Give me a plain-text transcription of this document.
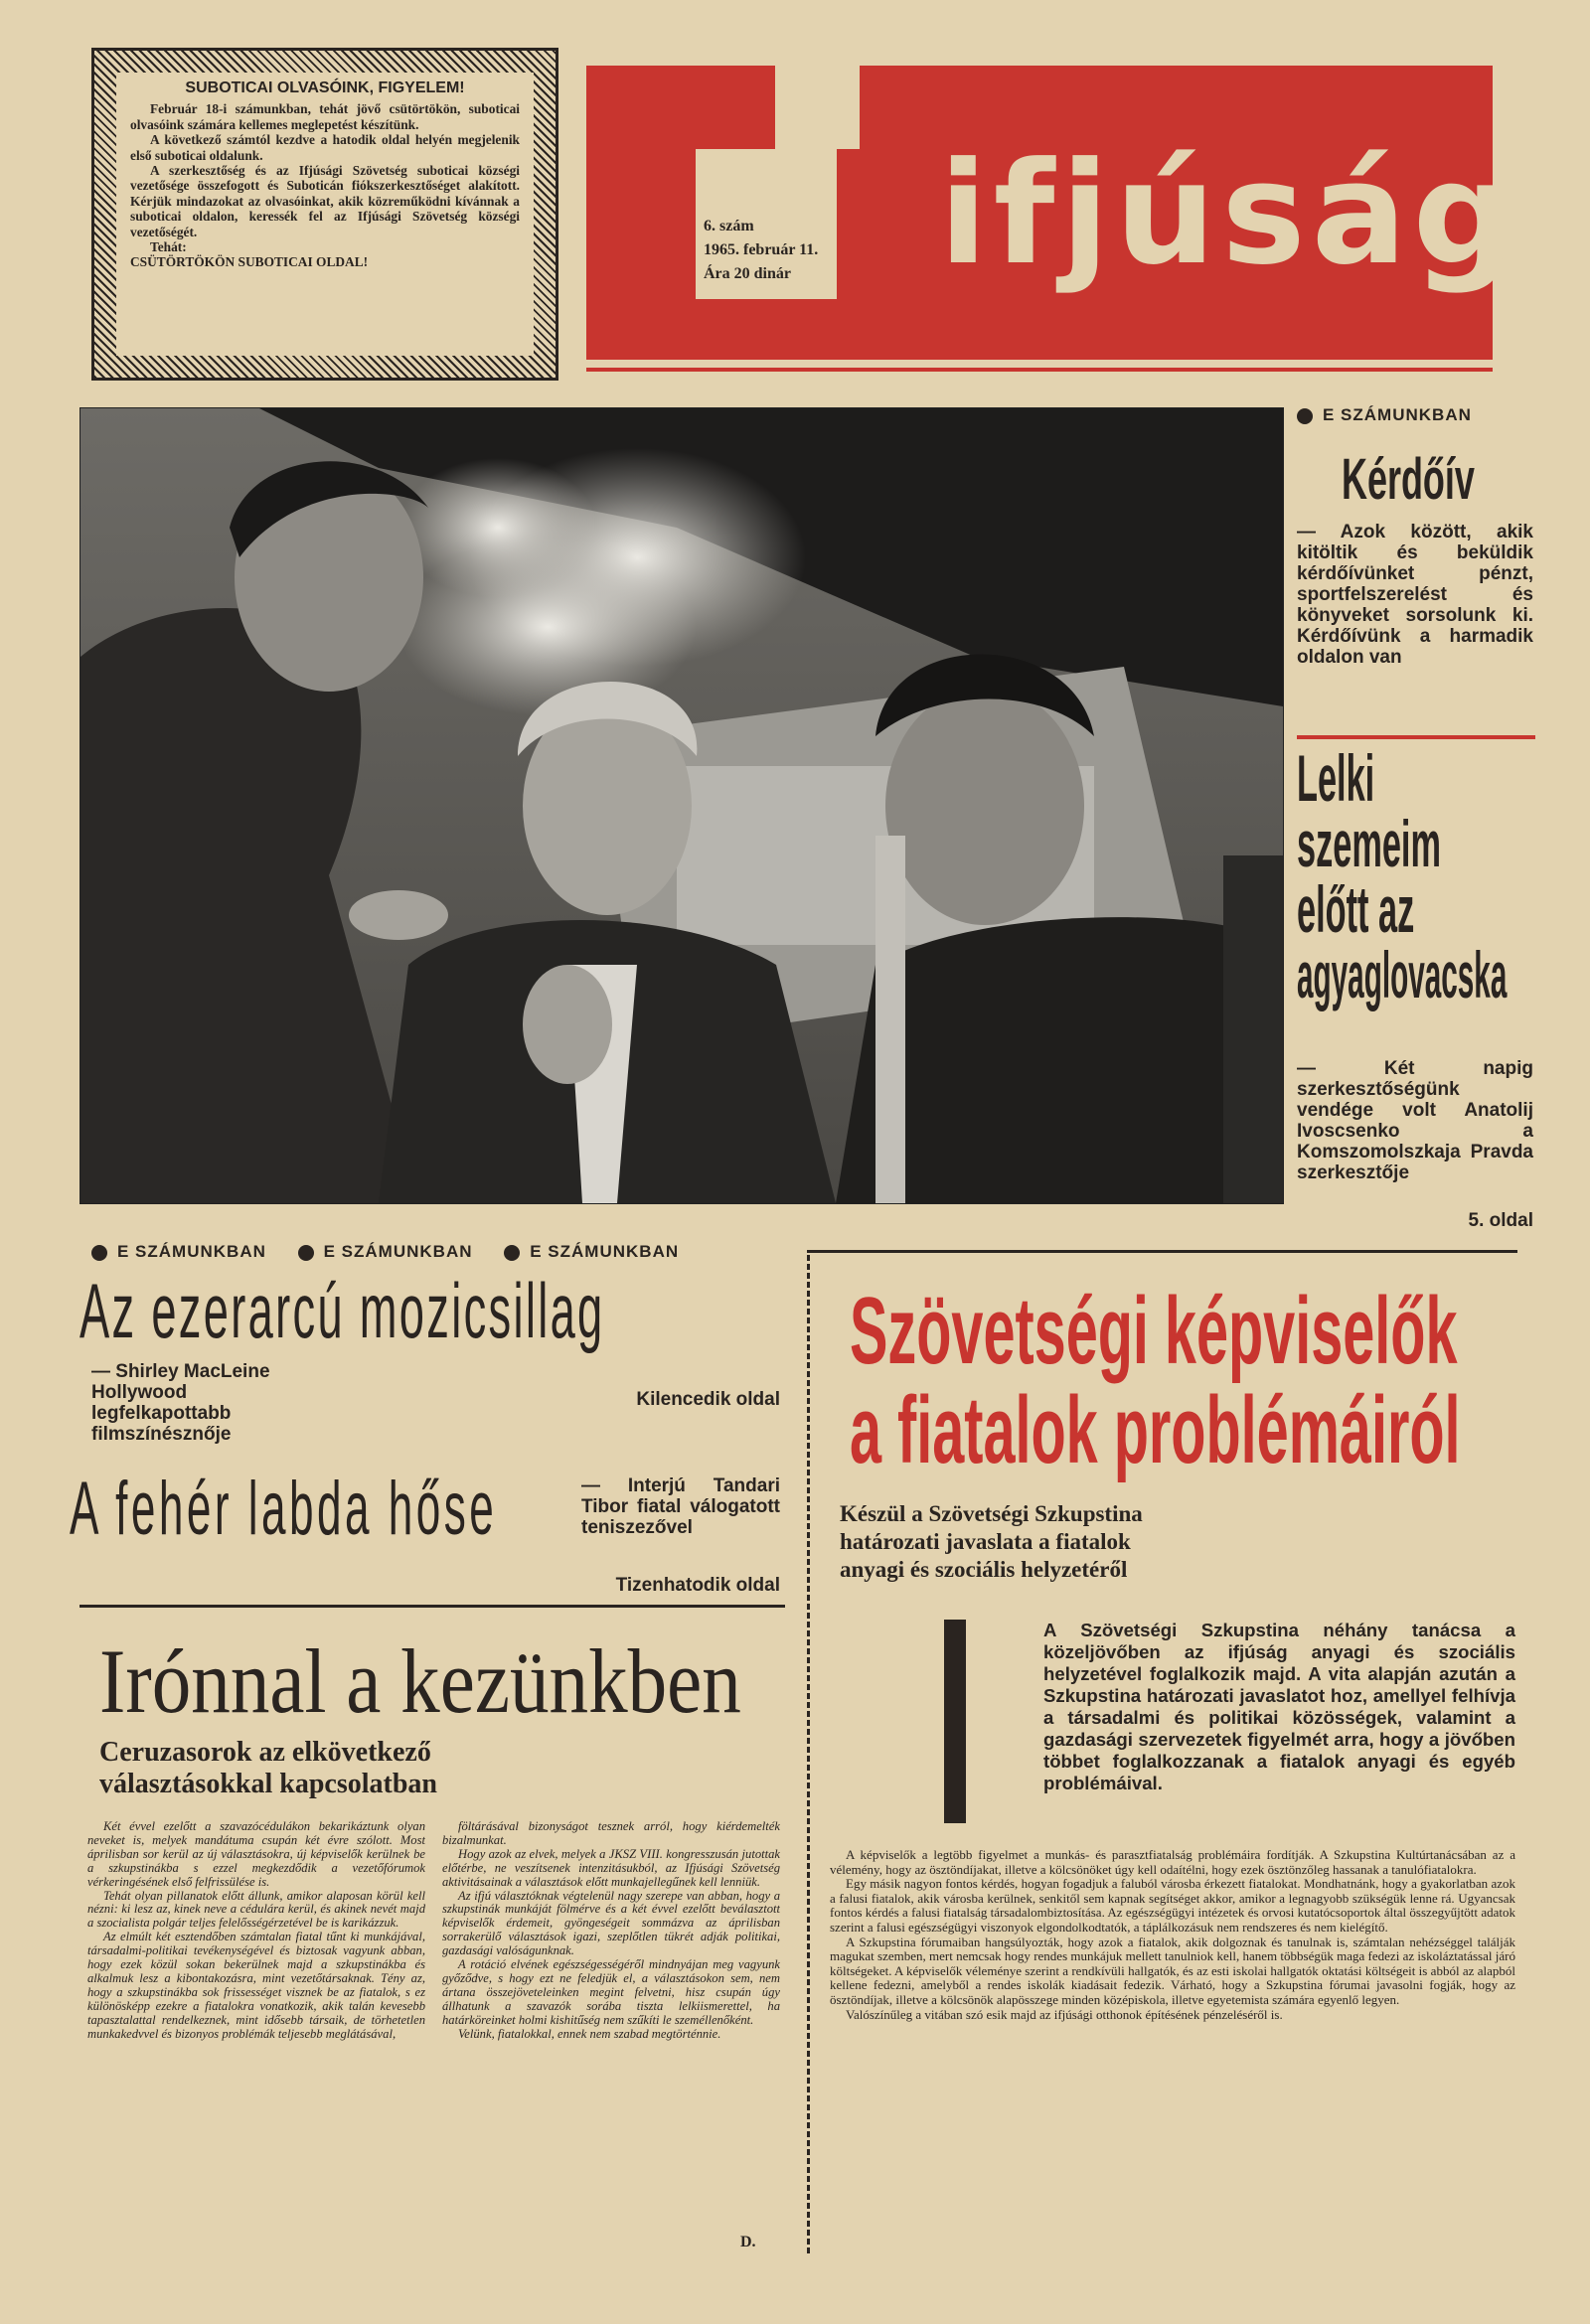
SUBOTICAI OLVASÓINK, FIGYELEM!

Február 18-i számunkban, tehát jövő csütörtökön, suboticai olvasóink számára kellemes meglepetést készítünk.

A következő számtól kezdve a hatodik oldal helyén megjelenik első suboticai oldalunk.

A szerkesztőség és az Ifjúsági Szövetség suboticai községi vezetősége összefogott és Suboticán fiókszerkesztőséget alakított. Kérjük mindazokat az olvasóinkat, akik közreműködni kívánnak a suboticai oldalon, keressék fel az Ifjúsági Szövetség községi vezetőségét.

Tehát:

CSÜTÖRTÖKÖN SUBOTICAI OLDAL!	ifjúság
6. szám
1965. február 11.
Ára 20 dinár
E SZÁMUNKBAN
Kérdőív
— Azok között, akik kitöltik és beküldik kérdőívünket pénzt, sportfelszerelést és könyveket sorsolunk ki. Kérdőívünk a harmadik oldalon van
Lelki
szemeim
előtt az
agyaglovacska
— Két napig szerkesztőségünk vendége volt Anatolij Ivoscsenko a Komszomolszkaja Pravda szerkesztője
5. oldal
E SZÁMUNKBAN	E SZÁMUNKBAN	E SZÁMUNKBAN
Az ezerarcú mozicsillag
— Shirley MacLeine Hollywood legfelkapottabb filmszínésznője
Kilencedik oldal
A fehér labda hőse	— Interjú Tandari Tibor fiatal válogatott teniszezővel
Tizenhatodik oldal
Irónnal a kezünkben
Ceruzasorok az elkövetkező
választásokkal kapcsolatban

Két évvel ezelőtt a szavazócédulákon bekarikáztunk olyan neveket is, melyek mandátuma csupán két évre szólott. Most áprilisban sor kerül az új választásokra, új képviselők kerülnek be a szkupstinákba s ezzel megkezdődik a vezetőfórumok vérkeringésének első felfrissülése is.

Tehát olyan pillanatok előtt állunk, amikor alaposan körül kell nézni: ki lesz az, kinek neve a cédulára kerül, és akinek nevét majd a szocialista polgár teljes felelősségérzetével be is karikázzuk.

Az elmúlt két esztendőben számtalan fiatal tűnt ki munkájával, társadalmi-politikai tevékenységével és biztosak vagyunk abban, hogy ezek közül sokan bekerülnek majd a szkupstinákba és alkalmuk lesz a kibontakozásra, mint vezetőtársaknak. Tény az, hogy a szkupstinákba sok frissességet visznek be az fiatalok, s ez különösképp ezekre a fiatalokra vonatkozik, akik talán kevesebb tapasztalattal rendelkeznek, mint idősebb társaik, de törhetetlen munkakedvvel és bizonyos problémák teljesebb meglátásával,

föltárásával bizonyságot tesznek arról, hogy kiérdemelték bizalmunkat.

Hogy azok az elvek, melyek a JKSZ VIII. kongresszusán jutottak előtérbe, ne veszítsenek intenzitásukból, az Ifjúsági Szövetség aktivitásainak a választások előtt munkajellegűnek kell lenniük.

Az ifjú választóknak végtelenül nagy szerepe van abban, hogy a szkupstinák munkáját fölmérve és a két évvel ezelőtt beválasztott képviselők érdemeit, gyöngeségeit sommázva az áprilisban sorrakerülő választások igazi, szeplőtlen tükrét adják politikai, gazdasági valóságunknak.

A rotáció elvének egészségességéről mindnyájan meg vagyunk győződve, s hogy ezt ne feledjük el, a választásokon sem, nem ártana összejöveteleinken megint felvetni, hisz csupán úgy állhatunk a szavazók sorába tiszta lelkiismerettel, ha határköreinket holmi kishitűség nem szűkíti le személlenőként.

Velünk, fiatalokkal, ennek nem szabad megtörténnie.

D.
Szövetségi képviselők
a fiatalok problémáiról
Készül a Szövetségi Szkupstina
határozati javaslata a fiatalok
anyagi és szociális helyzetéről
A Szövetségi Szkupstina néhány tanácsa a közeljövőben az ifjúság anyagi és szociális helyzetével foglalkozik majd. A vita alapján azután a Szkupstina határozati javaslatot hoz, amellyel felhívja a társadalmi és politikai közösségek, valamint a gazdasági szervezetek figyelmét arra, hogy a jövőben többet foglalkozzanak a fiatalok anyagi és egyéb problémáival.

A képviselők a legtöbb figyelmet a munkás- és parasztfiatalság problémáira fordítják. A Szkupstina Kultúrtanácsában az a vélemény, hogy az ösztöndíjakat, illetve a kölcsönöket úgy kell odaítélni, hogy ezek ösztönzőleg hassanak a tanulófiatalokra.

Egy másik nagyon fontos kérdés, hogyan fogadjuk a faluból városba érkezett fiatalokat. Mondhatnánk, hogy a gyakorlatban azok a falusi fiatalok, akik városba kerülnek, senkitől sem kapnak segítséget akkor, amikor a legnagyobb szükségük lenne rá. Ugyancsak fontos kérdés a falusi fiatalság társadalombiztosítása. Az egészségügyi intézetek és orvosi kutatócsoportok által összegyűjtött adatok szerint a falusi egészségügyi viszonyok elgondolkodtatók, a táplálkozásuk nem rendszeres és nem kielégítő.

A Szkupstina fórumaiban hangsúlyozták, hogy azok a fiatalok, akik dolgoznak és tanulnak is, számtalan nehézséggel találják magukat szemben, mert nemcsak hogy rendes munkájuk mellett tanulniok kell, hanem többségük maga fedezi az iskoláztatással járó költségeket. A képviselők véleménye szerint a rendkívüli hallgatók, és az esti iskolai hallgatók oktatási költségeit is abból az alapból kellene fedezni, amelyből a rendes iskolák kiadásait fedezik. Várható, hogy a Szkupstina fórumai javasolni fogják, hogy az ösztöndíjak, illetve a kölcsönök alapösszege minden középiskola, illetve egyetemista számára egyenlő legyen.

Valószínűleg a vitában szó esik majd az ifjúsági otthonok építésének pénzeléséről is.
